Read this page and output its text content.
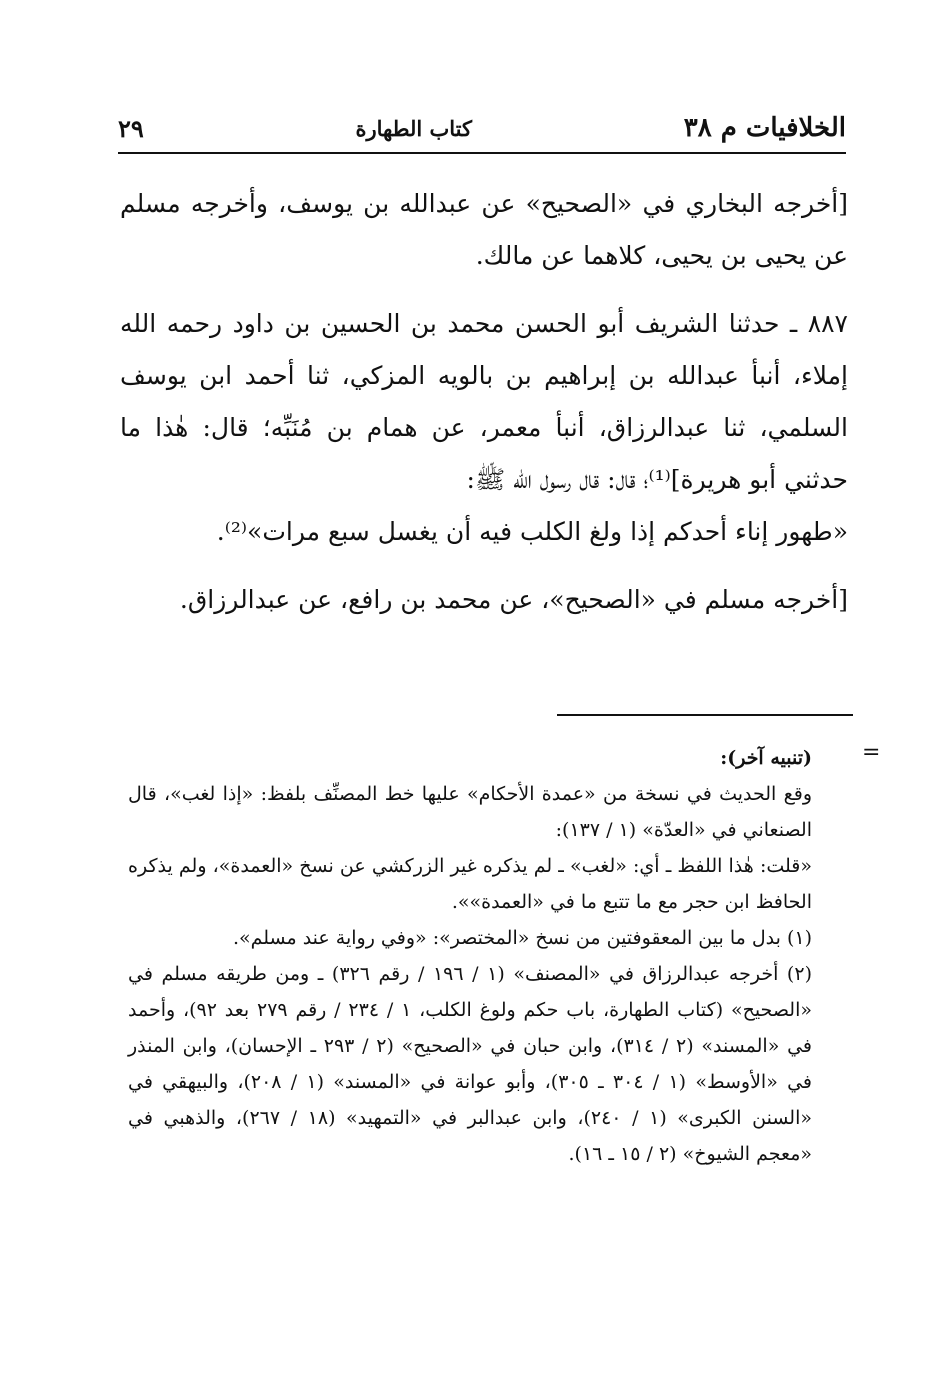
الخلافيات م ٣٨
كتاب الطهارة
٢٩

[أخرجه البخاري في «الصحيح» عن عبدالله بن يوسف، وأخرجه مسلم عن يحيى بن يحيى، كلاهما عن مالك.

٨٨٧ ـ حدثنا الشريف أبو الحسن محمد بن الحسين بن داود رحمه الله إملاء، أنبأ عبدالله بن إبراهيم بن بالويه المزكي، ثنا أحمد ابن يوسف السلمي، ثنا عبدالرزاق، أنبأ معمر، عن همام بن مُنَبِّه؛ قال: هٰذا ما حدثني أبو هريرة]⁽¹⁾؛ قال: قال رسول الله ﷺ:

«طهور إناء أحدكم إذا ولغ الكلب فيه أن يغسل سبع مرات»⁽²⁾.

[أخرجه مسلم في «الصحيح»، عن محمد بن رافع، عن عبدالرزاق.

=

(تنبيه آخر):

وقع الحديث في نسخة من «عمدة الأحكام» عليها خط المصنِّف بلفظ: «إذا لغب»، قال الصنعاني في «العدّة» (١ / ١٣٧):

«قلت: هٰذا اللفظ ـ أي: «لغب» ـ لم يذكره غير الزركشي عن نسخ «العمدة»، ولم يذكره الحافظ ابن حجر مع ما تتبع ما في «العمدة»».

(١) بدل ما بين المعقوفتين من نسخ «المختصر»: «وفي رواية عند مسلم».

(٢) أخرجه عبدالرزاق في «المصنف» (١ / ١٩٦ / رقم ٣٢٦) ـ ومن طريقه مسلم في «الصحيح» (كتاب الطهارة، باب حكم ولوغ الكلب، ١ / ٢٣٤ / رقم ٢٧٩ بعد ٩٢)، وأحمد في «المسند» (٢ / ٣١٤)، وابن حبان في «الصحيح» (٢ / ٢٩٣ ـ الإحسان)، وابن المنذر في «الأوسط» (١ / ٣٠٤ ـ ٣٠٥)، وأبو عوانة في «المسند» (١ / ٢٠٨)، والبيهقي في «السنن الكبرى» (١ / ٢٤٠)، وابن عبدالبر في «التمهيد» (١٨ / ٢٦٧)، والذهبي في «معجم الشيوخ» (٢ / ١٥ ـ ١٦).
